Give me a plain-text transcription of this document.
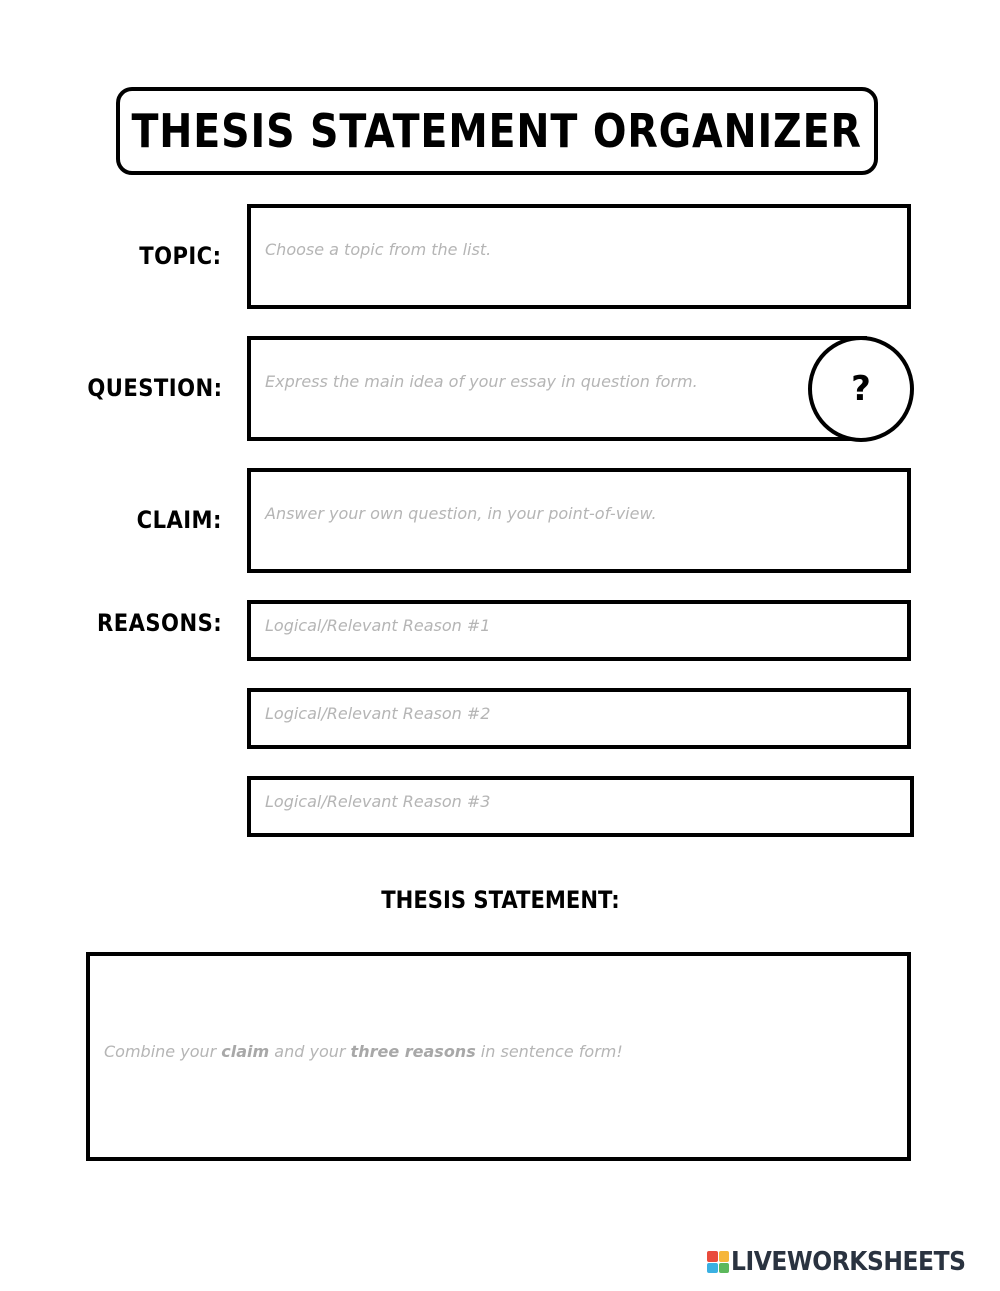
THESIS STATEMENT ORGANIZER
TOPIC:	Choose a topic from the list.
QUESTION:	Express the main idea of your essay in question form.	?
CLAIM:	Answer your own question, in your point-of-view.
REASONS:	Logical/Relevant Reason #1
Logical/Relevant Reason #2
Logical/Relevant Reason #3
THESIS STATEMENT:
Combine your claim and your three reasons in sentence form!
LIVEWORKSHEETS
